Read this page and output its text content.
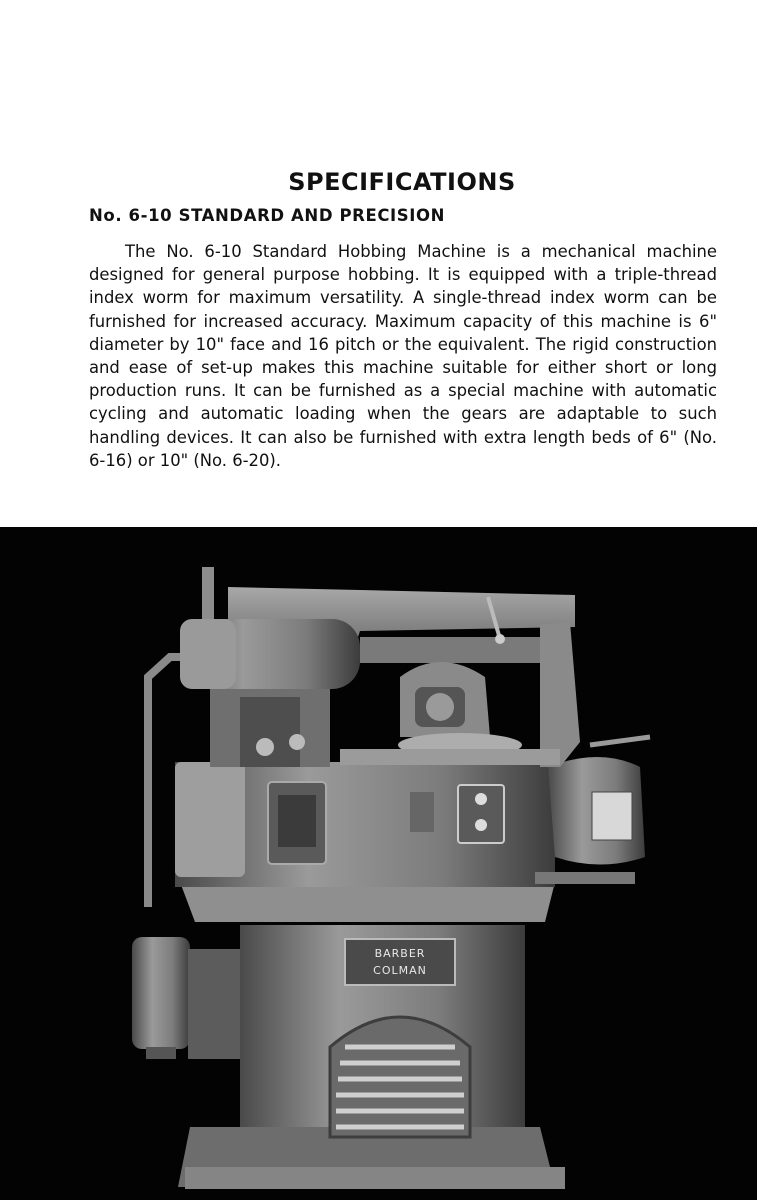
SPECIFICATIONS
No. 6-10 STANDARD AND PRECISION

The No. 6-10 Standard Hobbing Machine is a mechanical machine designed for general purpose hobbing. It is equipped with a triple-thread index worm for maximum versatility. A single-thread index worm can be furnished for increased accuracy. Maximum capacity of this machine is 6" diameter by 10" face and 16 pitch or the equivalent. The rigid construction and ease of set-up makes this machine suitable for either short or long production runs. It can be furnished as a special machine with automatic cycling and automatic loading when the gears are adaptable to such handling devices. It can also be furnished with extra length beds of 6" (No. 6-16) or 10" (No. 6-20).

BARBER
COLMAN
